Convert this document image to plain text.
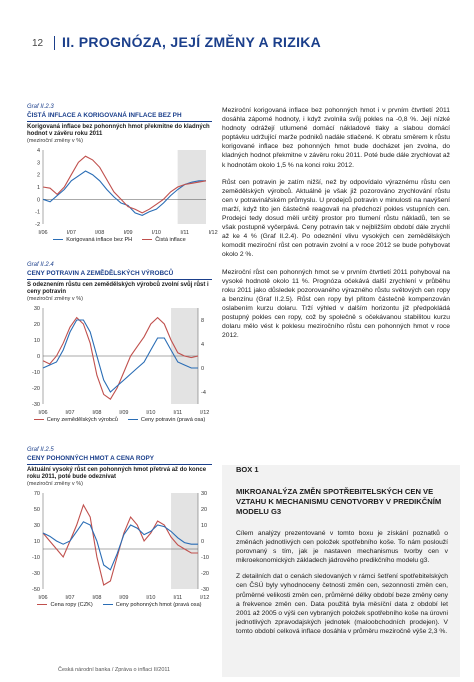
12 II. PROGNÓZA, JEJÍ ZMĚNY A RIZIKA
Graf II.2.3
ČISTÁ INFLACE A KORIGOVANÁ INFLACE BEZ PH
Korigovaná inflace bez pohonných hmot překmitne do kladných hodnot v závěru roku 2011
(meziroční změny v %)
-2
-1
0
1
2
3
4
I/06	I/07	I/08	I/09	I/10	I/11	I/12
Korigovaná inflace bez PH	Čistá inflace
Graf II.2.4
CENY POTRAVIN A ZEMĚDĚLSKÝCH VÝROBCŮ
S odeznením růstu cen zemědělských výrobců zvolní svůj růst i ceny potravin
(meziroční změny v %)
-30
-20
-10
0
10
20
30
-4
0
4
8
I/06	I/07	I/08	I/09	I/10	I/11	I/12
Ceny zemědělských výrobců	Ceny potravin (pravá osa)
Graf II.2.5
CENY POHONNÝCH HMOT A CENA ROPY
Aktuální vysoký růst cen pohonných hmot přetrvá až do konce roku 2011, poté bude odeznívat
(meziroční změny v %)
-50
-30
-10
10
30
50
70
-30
-20
-10
0
10
20
30
I/06	I/07	I/08	I/09	I/10	I/11	I/12
Cena ropy (CZK)	Ceny pohonných hmot (pravá osa)

Meziroční korigovaná inflace bez pohonných hmot i v prvním čtvrtletí 2011 dosáhla záporné hodnoty, i když zvolnila svůj pokles na -0,8 %. Její nízké hodnoty odrážejí utlumené domácí nákladové tlaky a slabou domácí poptávku udržující marže podniků nadále stlačené. K obratu směrem k růstu korigované inflace bez pohonných hmot bude docházet jen zvolna, do kladných hodnot překmitne v závěru roku 2011. Poté bude dále zrychlovat až k hodnotám okolo 1,5 % na konci roku 2012.

Růst cen potravin je zatím nižší, než by odpovídalo výraznému růstu cen zemědělských výrobců. Aktuálně je však již pozorováno zrychlování růstu cen v potravinářském průmyslu. U prodejců potravin v minulosti na navýšení marží, když tito jen částečně reagovali na předchozí pokles vstupních cen. Prodejci tedy dosud měli určitý prostor pro tlumení růstu nákladů, ten se však postupně vyčerpává. Ceny potravin tak v nejbližším období dále zrychlí až ke 4 % (Graf II.2.4). Po odeznění vlivu vysokých cen zemědělských komodit meziroční růst cen potravin zvolní a v roce 2012 se bude pohybovat okolo 2 %.

Meziroční růst cen pohonných hmot se v prvním čtvrtletí 2011 pohyboval na vysoké hodnotě okolo 11 %. Prognóza očekává další zrychlení v průběhu roku 2011 jako důsledek pozorovaného výrazného růstu světových cen ropy a benzínu (Graf II.2.5). Růst cen ropy byl přitom částečně kompenzován oslabením kurzu dolaru. Trží výhled v dalším horizontu již předpokládá postupný pokles cen ropy, což by společně s očekávanou stabilitou kurzu dolaru mělo vést k poklesu meziročního růstu cen pohonných hmot v roce 2012.

BOX 1
MIKROANALÝZA ZMĚN SPOTŘEBITELSKÝCH CEN VE VZTAHU K MECHANISMU CENOTVORBY V PREDIKČNÍM MODELU G3

Cílem analýzy prezentované v tomto boxu je získání poznatků o změnách jednotlivých cen položek spotřebního koše. To nám poslouží porovnaný s tím, jak je nastaven mechanismus tvorby cen v mikroekonomických základech jádrového predikčního modelu g3.

Z detailních dat o cenách sledovaných v rámci šetření spotřebitelských cen ČSÚ byly vyhodnoceny četnosti změn cen, sezonnosti změn cen, průměrné velikosti změn cen, průměrné délky období beze změny ceny a frekvence změn cen. Data použitá byla měsíční data z období let 2001 až 2005 o výši cen vybraných položek spotřebního koše na úrovni jednotlivých zpravodajských jednotek (maloobchodních prodejen). V tomto období celková inflace dosáhla v průměru meziročně výše 2,3 %.

Česká národní banka / Zpráva o inflaci II/2011
